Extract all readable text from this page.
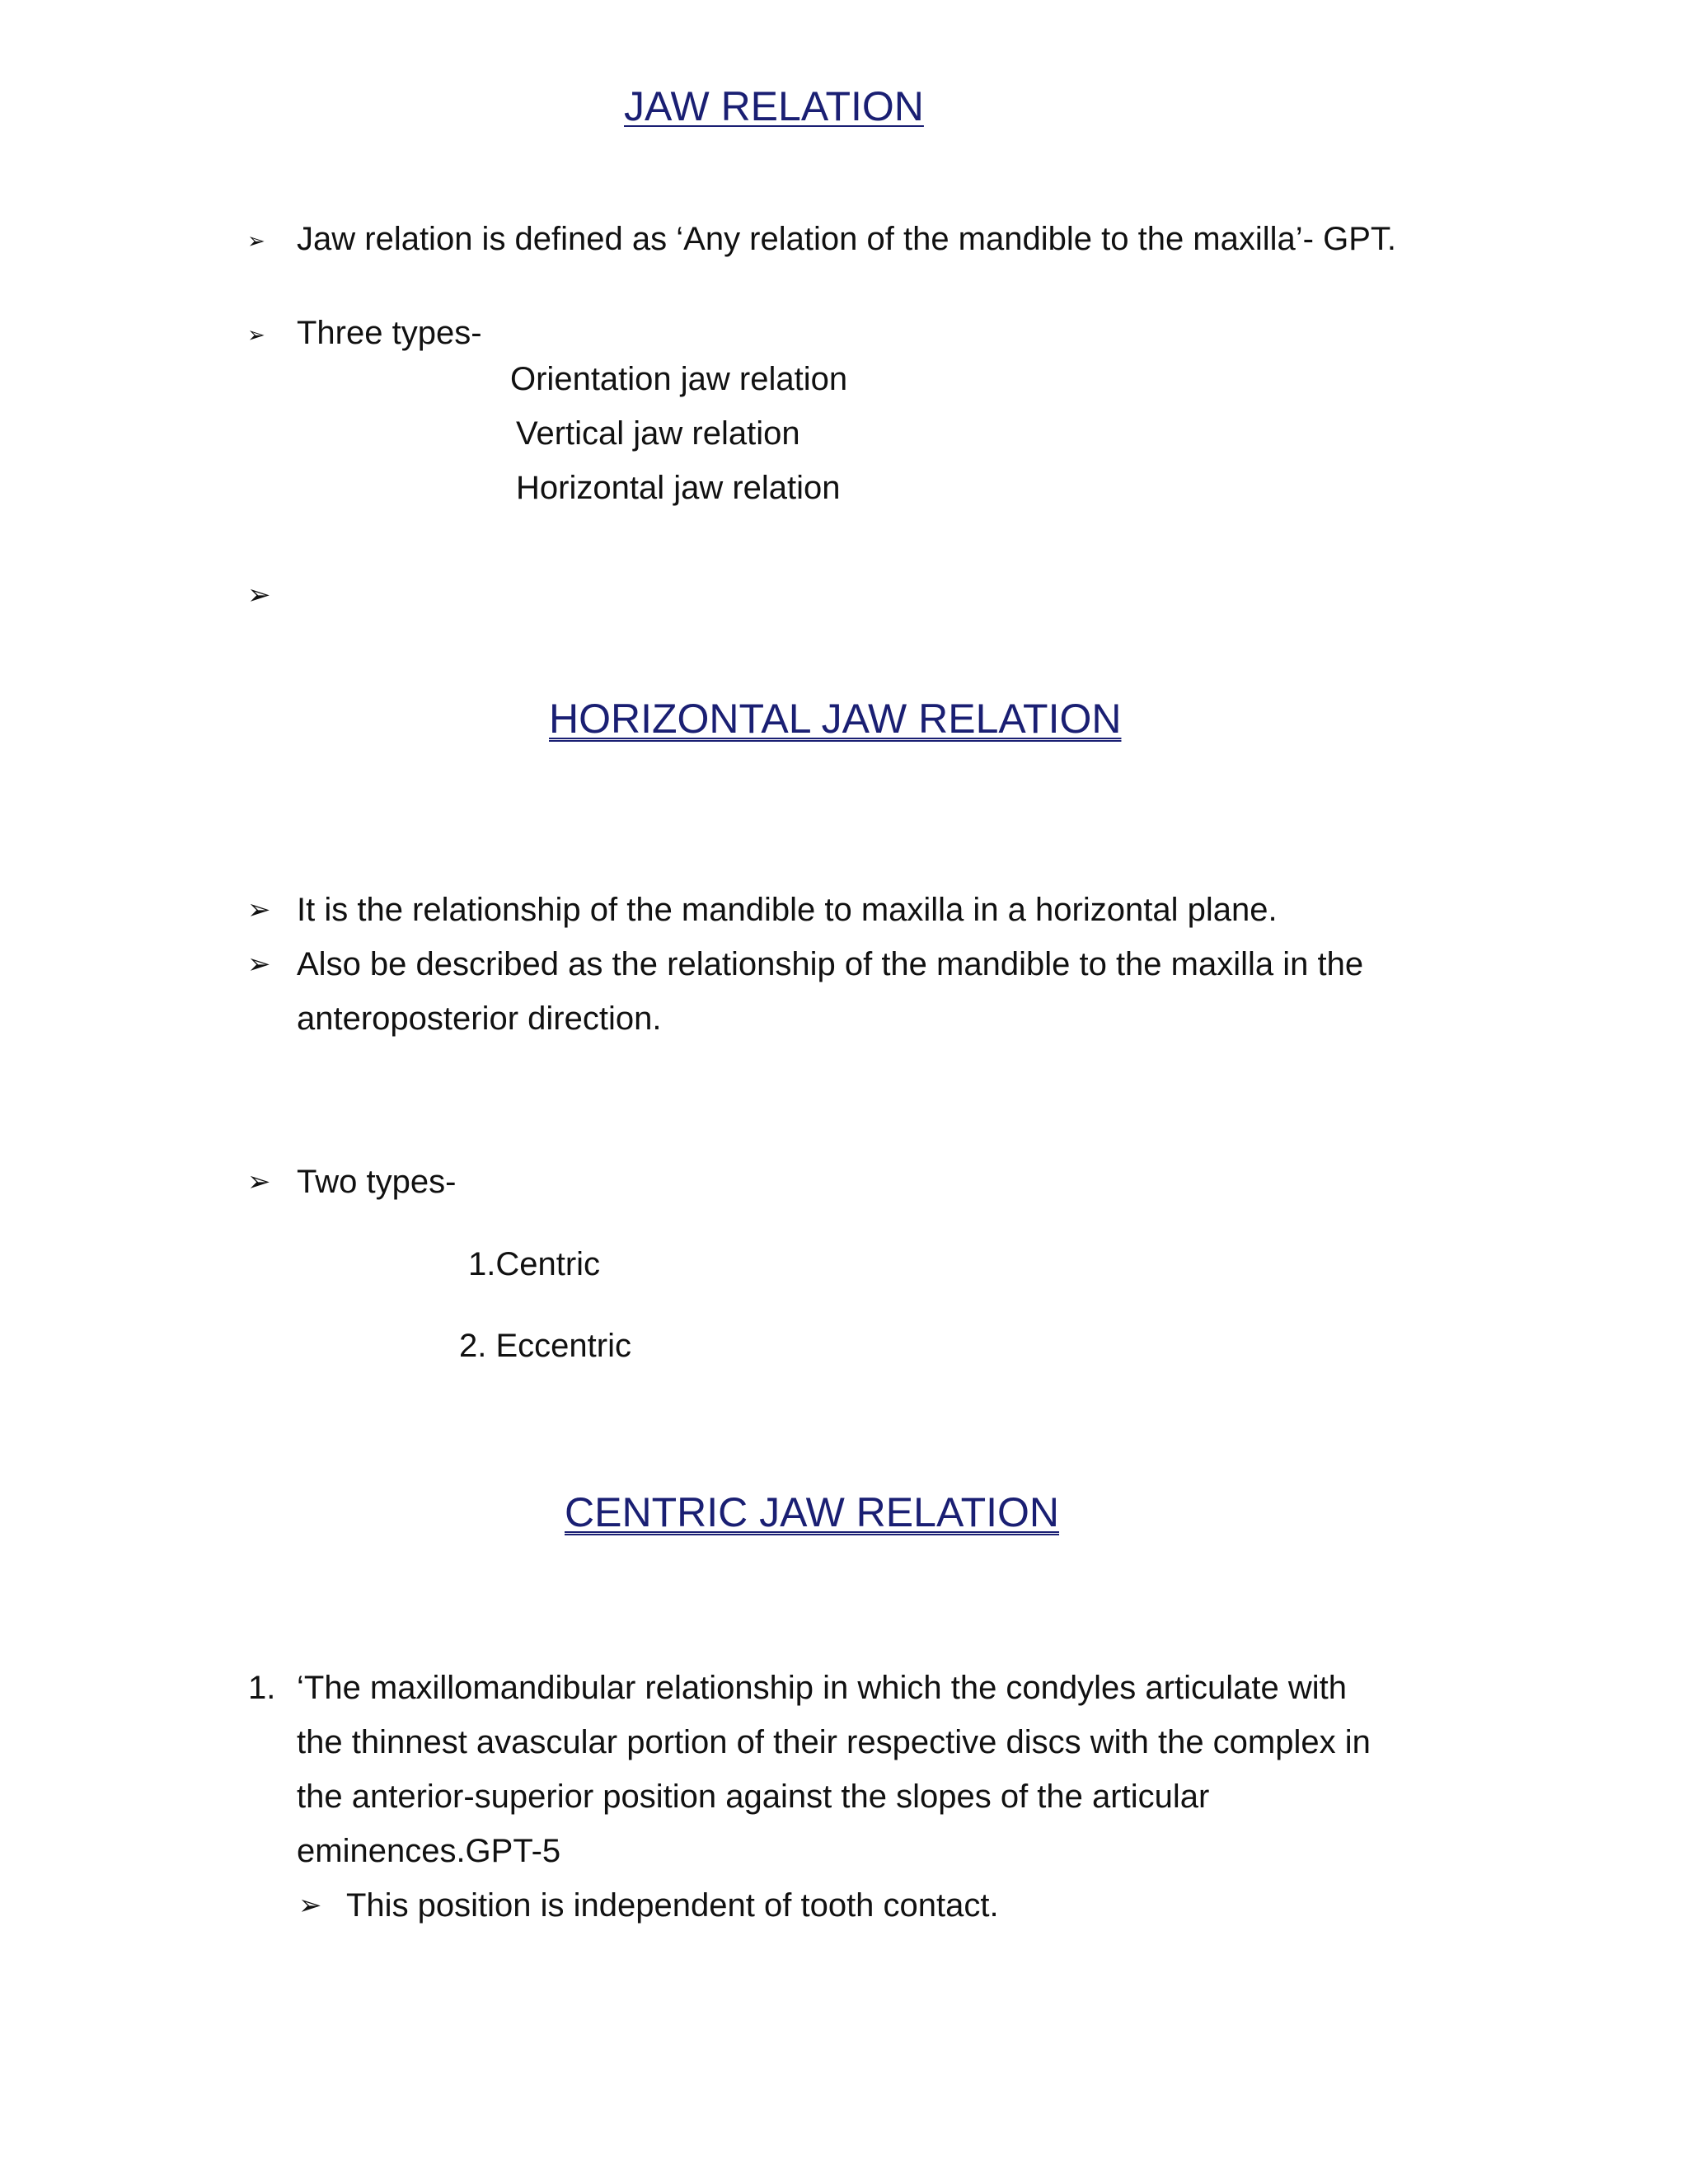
JAW RELATION
➢ Jaw relation is defined as ‘Any relation of the mandible to the maxilla’- GPT.
➢ Three types-
Orientation jaw relation
Vertical jaw relation
Horizontal jaw relation
➢
HORIZONTAL JAW RELATION
➢ It is the relationship of the mandible to maxilla in a horizontal plane.
➢ Also be described as the relationship of the mandible to the maxilla in the
anteroposterior direction.
➢ Two types-
1.Centric
2. Eccentric
CENTRIC JAW RELATION
1. ‘The maxillomandibular relationship in which the condyles articulate with
the thinnest avascular portion of their respective discs with the complex in
the anterior-superior position against the slopes of the articular
eminences.GPT-5
➢ This position is independent of tooth contact.
